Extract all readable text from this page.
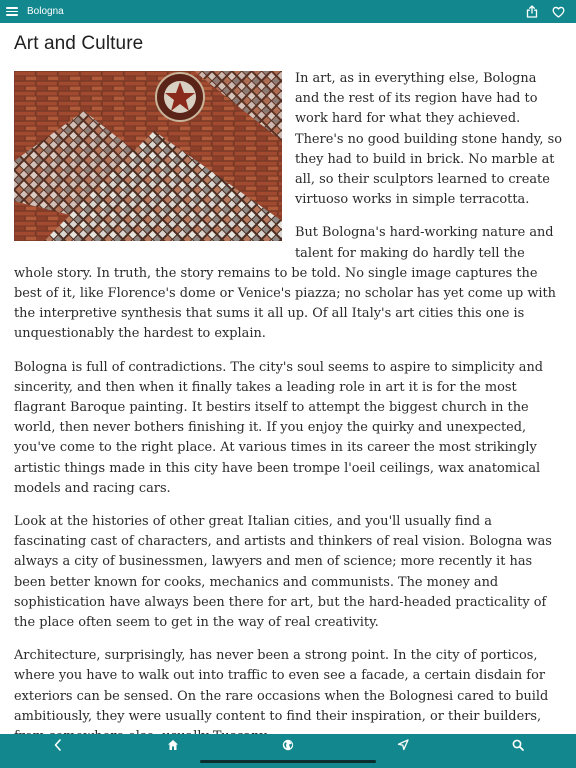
Bologna
Art and Culture

In art, as in everything else, Bologna and the rest of its region have had to work hard for what they achieved. There's no good building stone handy, so they had to build in brick. No marble at all, so their sculptors learned to create virtuoso works in simple terracotta.

But Bologna's hard-working nature and talent for making do hardly tell the whole story. In truth, the story remains to be told. No single image captures the best of it, like Florence's dome or Venice's piazza; no scholar has yet come up with the interpretive synthesis that sums it all up. Of all Italy's art cities this one is unquestionably the hardest to explain.

Bologna is full of contradictions. The city's soul seems to aspire to simplicity and sincerity, and then when it finally takes a leading role in art it is for the most flagrant Baroque painting. It bestirs itself to attempt the biggest church in the world, then never bothers finishing it. If you enjoy the quirky and unexpected, you've come to the right place. At various times in its career the most strikingly artistic things made in this city have been trompe l'oeil ceilings, wax anatomical models and racing cars.

Look at the histories of other great Italian cities, and you'll usually find a fascinating cast of characters, and artists and thinkers of real vision. Bologna was always a city of businessmen, lawyers and men of science; more recently it has been better known for cooks, mechanics and communists. The money and sophistication have always been there for art, but the hard-headed practicality of the place often seem to get in the way of real creativity.

Architecture, surprisingly, has never been a strong point. In the city of porticos, where you have to walk out into traffic to even see a facade, a certain disdain for exteriors can be sensed. On the rare occasions when the Bolognesi cared to build ambitiously, they were usually content to find their inspiration, or their builders,
